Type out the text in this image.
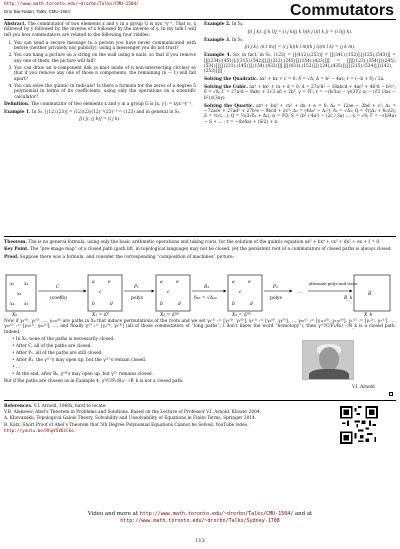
http://www.math.toronto.edu/~drorbn/Talks/CMU-1504/
Dror Bar-Natan: Talks: CMU-1504:	Commutators

Abstract. The commutator of two elements x and y in a group G is xyx⁻¹y⁻¹. That is, x followed by y followed by the inverse of x followed by the inverse of y. In my talk I will tell you how commutators are related to the following four riddles:

1. You can send a secure message to a person you have never communicated with before (neither privately nor publicly), using a messenger you do not trust?
2. You can hang a picture on a string on the wall using n nails, so that if you remove any one of them, the picture will fall?
3. You can draw an n-component link (a knot made of n non-intersecting circles) so that if you remove any one of those n components, the remaining (n − 1) will fall apart?
4. You can solve the quintic in radicals? Is there a formula for the zeros of a degree 5 polynomial in terms of its coefficients, using only the operations on a scientific calculator?

Definition. The commutator of two elements x and y in a group G is [x, y] := xyx⁻¹y⁻¹.

Example 1. In S₃, [(12),(23)] = (12)(23)(12)⁻¹(23)⁻¹ = (123) and in general in S₃,

[(i j), (j k)] = (i j k).

Example 2. In S₄,

[(i j k), (j k l)] = (i j k)(j k l)(k j i)(l k j) = (i l)(j k).

Example 3. In S₅,

[(i j k), (k l m)] = (i j k)(k l m)(k j i)(m l k) = (j k m).

Example 4. So, in fact, in S₅, (123) = [[(412),(253)] = [[(341),(152)],[(125),(543)]] = [[[(234),(451)],[(315),(542)]],[[(312),(245)],[(154),(423)]]] = [[[[(123),(354)],[(245),(531)]],[[(231),(145)],[(154),(432)]]],[[[(431),(152)],[(124),(435)]],[[(215),(534)],[(142),(253)]]]] .

Solving the Quadratic. ax² + bx + c = 0: δ = √Δ; Δ = b² − 4ac; r = (−b + δ) / 2a.

Solving the Cubic. ax³ + bx² + cx + d = 0: Δ = 27a²d² − 18abcd + 4ac³ + 4b³d − b²c²; δ = √Δ; Γ = 27a²d − 9abc + 3√3 aδ + 2b³; γ = ∛Γ; r = −(b/3a) − γ/(3∛2 a) − (∛2 (3ac − b²))/(3aγ).

Solving the Quartic. ax⁴ + bx³ + cx² + dx + e = 0: Δ₀ = 12ae − 3bd + c²; Δ₁ = −72ace + 27ad² + 27b²e − 9bcd + 2c³; Δ₂ = (4Δ₀³ − Δ₁²); δ₂ = √Δ₂; Q = ∛((Δ₁ + δ₂)/2); S = ½√(...); Q = ⅓(3√δ₂ + Δ₁); α = ∛Q; S = (b² / 4a²) − (2c / 3a) ...; x = √S; Γ = −(b/4a) − S + ... ; r = −(b/4a) + (S/2) + x.

Theorem. The is no general formula, using only the basic arithmetic operations and taking roots, for the solution of the quintic equation ax⁵ + bx⁴ + cx³ + dx² + ex + f = 0.

Key Point. The “pre-image map” of a closed path (path lift, in topological language) may not be closed, yet the persistent root of a commutators of closed paths is always closed.

Proof. Suppose there was a formula, and consider the corresponding “composition of machines” picture:

x₁ x₂
x₃
x₄ x₅
X₀
C
(coeffs)
a	e
c
b	d
X₁ = ℂ⁵
P₁
polys
a	e
c
b	d
X₂ = ℂ¹⁰
R₁
δ₁₀ = √Δ₁₀
a	e
c
b	d
X₃ = ℂ¹⁰
P₂
polys
…
alternate polys and roots
R_k
R̂
X_k

Now if γ₁⁽⁰⁾, γ₂⁽⁰⁾, …, γ₁₂₀⁽⁰⁾ are paths in X₀ that induce permutations of the roots and we set γ₁⁽¹⁾ := [γ₁⁽⁰⁾, γ₂⁽⁰⁾], γ₂⁽¹⁾ := [γ₃⁽⁰⁾, γ₄⁽⁰⁾], …, γ₆₀⁽¹⁾ := [γ₁₁₉⁽⁰⁾, γ₁₂₀⁽⁰⁾], γ₁⁽²⁾ := [γ₁⁽¹⁾, γ₂⁽¹⁾], …, γ₃₀⁽²⁾ := [γ₅₉⁽¹⁾, γ₆₀⁽¹⁾], …, and finally γ⁽⁵⁾ := [γ₁⁽⁴⁾, γ₂⁽⁴⁾] (all of those commutators of “long paths”; I don’t know the word “homotopy”), then γ⁽⁵⁾/C/P₁/R₁/⋯/R_k is a closed path. Indeed,

• In X₀, none of the paths is necessarily closed.
• After C, all of the paths are closed.
• After P₁, all of the paths are still closed.
• After R₁, the γ⁽¹⁾'s may open up, but the γ⁽²⁾'s remain closed.
• …
• At the end, after Rₖ, γ⁽⁴⁾'s may open up, but γ⁽⁵⁾ remains closed.

But if the paths are chosen as in Example 4, γ⁵/C/P₁/R₁/⋯/R_k is not a closed path.

V.I. Arnold

References. V.I. Arnold, 1960s, hard to locate.

V.B. Alekseev, Abel’s Theorem in Problems and Solutions, Based on the Lecture of Professor V.I. Arnold, Kluwer 2004.

A. Khovanskii, Topological Galois Theory, Solvability and Unsolvability of Equations in Finite Terms, Springer 2014.

B. Katz, Short Proof of Abel’s Theorem that 5th Degree Polynomial Equations Cannot be Solved, YouTube video,

http://youtu.be/RhpVSV6iCko.

Video and more at http://www.math.toronto.edu/~drorbn/Talks/CMU-1504/ and at
http://www.math.toronto.edu/~drorbn/Talks/Sydney-1708
113
